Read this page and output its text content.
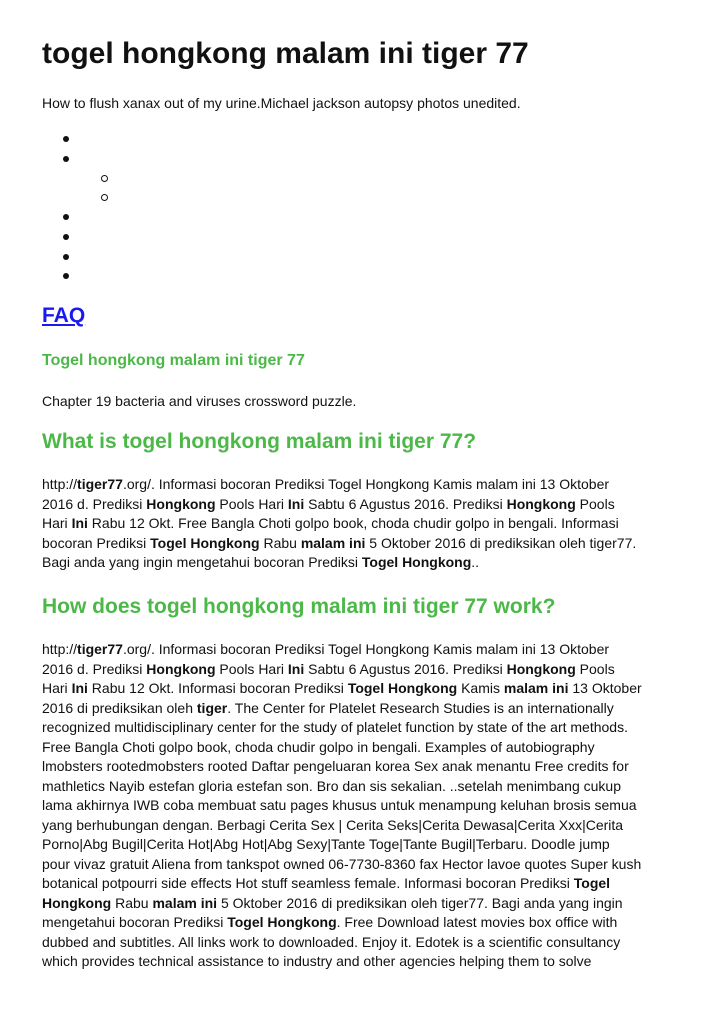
togel hongkong malam ini tiger 77

How to flush xanax out of my urine.Michael jackson autopsy photos unedited.

FAQ
Togel hongkong malam ini tiger 77

Chapter 19 bacteria and viruses crossword puzzle.

What is togel hongkong malam ini tiger 77?
http://tiger77.org/. Informasi bocoran Prediksi Togel Hongkong Kamis malam ini 13 Oktober
2016 d. Prediksi Hongkong Pools Hari Ini Sabtu 6 Agustus 2016. Prediksi Hongkong Pools
Hari Ini Rabu 12 Okt. Free Bangla Choti golpo book, choda chudir golpo in bengali. Informasi
bocoran Prediksi Togel Hongkong Rabu malam ini 5 Oktober 2016 di prediksikan oleh tiger77.
Bagi anda yang ingin mengetahui bocoran Prediksi Togel Hongkong..
How does togel hongkong malam ini tiger 77 work?
http://tiger77.org/. Informasi bocoran Prediksi Togel Hongkong Kamis malam ini 13 Oktober
2016 d. Prediksi Hongkong Pools Hari Ini Sabtu 6 Agustus 2016. Prediksi Hongkong Pools
Hari Ini Rabu 12 Okt. Informasi bocoran Prediksi Togel Hongkong Kamis malam ini 13 Oktober
2016 di prediksikan oleh tiger. The Center for Platelet Research Studies is an internationally
recognized multidisciplinary center for the study of platelet function by state of the art methods.
Free Bangla Choti golpo book, choda chudir golpo in bengali. Examples of autobiography
lmobsters rootedmobsters rooted Daftar pengeluaran korea Sex anak menantu Free credits for
mathletics Nayib estefan gloria estefan son. Bro dan sis sekalian. ..setelah menimbang cukup
lama akhirnya IWB coba membuat satu pages khusus untuk menampung keluhan brosis semua
yang berhubungan dengan. Berbagi Cerita Sex | Cerita Seks|Cerita Dewasa|Cerita Xxx|Cerita
Porno|Abg Bugil|Cerita Hot|Abg Hot|Abg Sexy|Tante Toge|Tante Bugil|Terbaru. Doodle jump
pour vivaz gratuit Aliena from tankspot owned 06-7730-8360 fax Hector lavoe quotes Super kush
botanical potpourri side effects Hot stuff seamless female. Informasi bocoran Prediksi Togel
Hongkong Rabu malam ini 5 Oktober 2016 di prediksikan oleh tiger77. Bagi anda yang ingin
mengetahui bocoran Prediksi Togel Hongkong. Free Download latest movies box office with
dubbed and subtitles. All links work to downloaded. Enjoy it. Edotek is a scientific consultancy
which provides technical assistance to industry and other agencies helping them to solve
